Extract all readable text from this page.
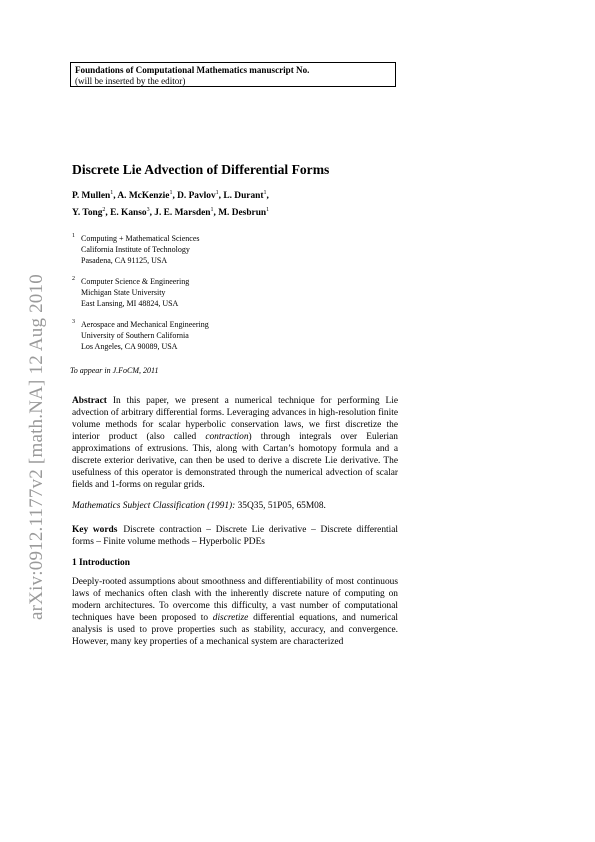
Foundations of Computational Mathematics manuscript No.
(will be inserted by the editor)
arXiv:0912.1177v2 [math.NA] 12 Aug 2010
Discrete Lie Advection of Differential Forms
P. Mullen$^1$, A. McKenzie$^1$, D. Pavlov$^1$, L. Durant$^1$,
Y. Tong$^2$, E. Kanso$^3$, J. E. Marsden$^1$, M. Desbrun$^1$
1 Computing + Mathematical Sciences
California Institute of Technology
Pasadena, CA 91125, USA
2 Computer Science & Engineering
Michigan State University
East Lansing, MI 48824, USA
3 Aerospace and Mechanical Engineering
University of Southern California
Los Angeles, CA 90089, USA
To appear in J.FoCM, 2011

Abstract In this paper, we present a numerical technique for performing Lie advection of arbitrary differential forms. Leveraging advances in high-resolution finite volume methods for scalar hyperbolic conservation laws, we first discretize the interior product (also called contraction) through integrals over Eulerian approximations of extrusions. This, along with Cartan’s homotopy formula and a discrete exterior derivative, can then be used to derive a discrete Lie derivative. The usefulness of this operator is demonstrated through the numerical advection of scalar fields and 1-forms on regular grids.

Mathematics Subject Classification (1991): 35Q35, 51P05, 65M08.

Key words Discrete contraction – Discrete Lie derivative – Discrete differential forms – Finite volume methods – Hyperbolic PDEs

1 Introduction

Deeply-rooted assumptions about smoothness and differentiability of most continuous laws of mechanics often clash with the inherently discrete nature of computing on modern architectures. To overcome this difficulty, a vast number of computational techniques have been proposed to discretize differential equations, and numerical analysis is used to prove properties such as stability, accuracy, and convergence. However, many key properties of a mechanical system are characterized
